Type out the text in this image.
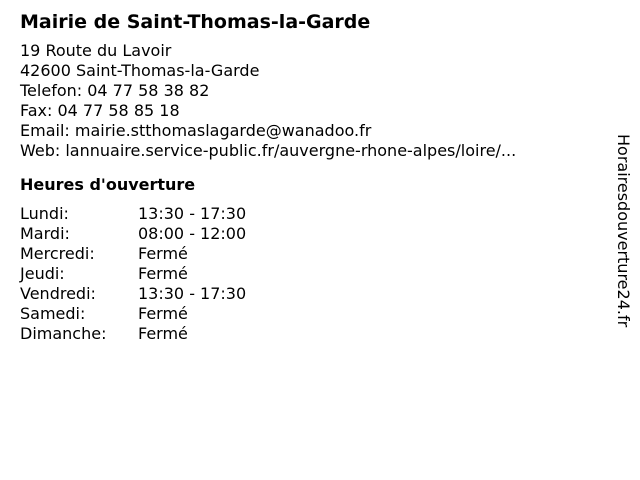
Mairie de Saint-Thomas-la-Garde
19 Route du Lavoir
42600 Saint-Thomas-la-Garde
Telefon: 04 77 58 38 82
Fax: 04 77 58 85 18
Email: mairie.stthomaslagarde@wanadoo.fr
Web: lannuaire.service-public.fr/auvergne-rhone-alpes/loire/...
Heures d'ouverture
Lundi:	13:30 - 17:30
Mardi:	08:00 - 12:00
Mercredi:	Fermé
Jeudi:	Fermé
Vendredi:	13:30 - 17:30
Samedi:	Fermé
Dimanche:	Fermé
Horairesdouverture24.fr
